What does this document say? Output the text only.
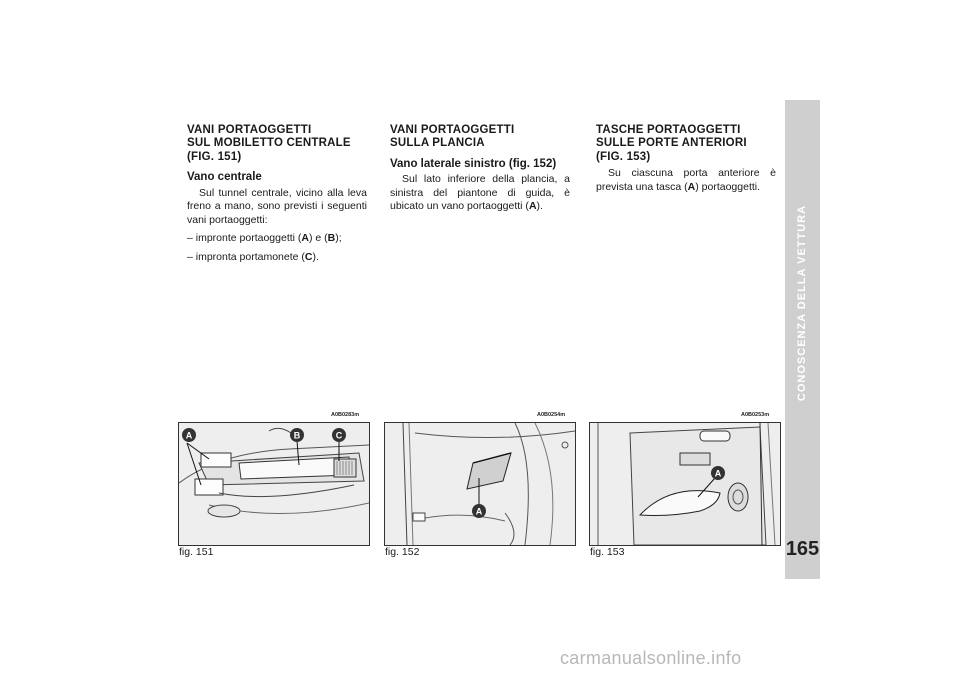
VANI PORTAOGGETTI
SUL MOBILETTO CENTRALE
(FIG. 151)

Vano centrale

Sul tunnel centrale, vicino alla leva freno a mano, sono previsti i seguenti vani portaoggetti:

– impronte portaoggetti (A) e (B);

– impronta portamonete (C).

VANI PORTAOGGETTI
SULLA PLANCIA

Vano laterale sinistro (fig. 152)

Sul lato inferiore della plancia, a sinistra del piantone di guida, è ubicato un vano portaoggetti (A).

TASCHE PORTAOGGETTI
SULLE PORTE ANTERIORI
(FIG. 153)

Su ciascuna porta anteriore è prevista una tasca (A) portaoggetti.

A0B0283m
A	B	C
fig. 151
A0B0254m
A
fig. 152
A0B0253m
A
fig. 153
CONOSCENZA DELLA VETTURA
165
carmanualsonline.info
